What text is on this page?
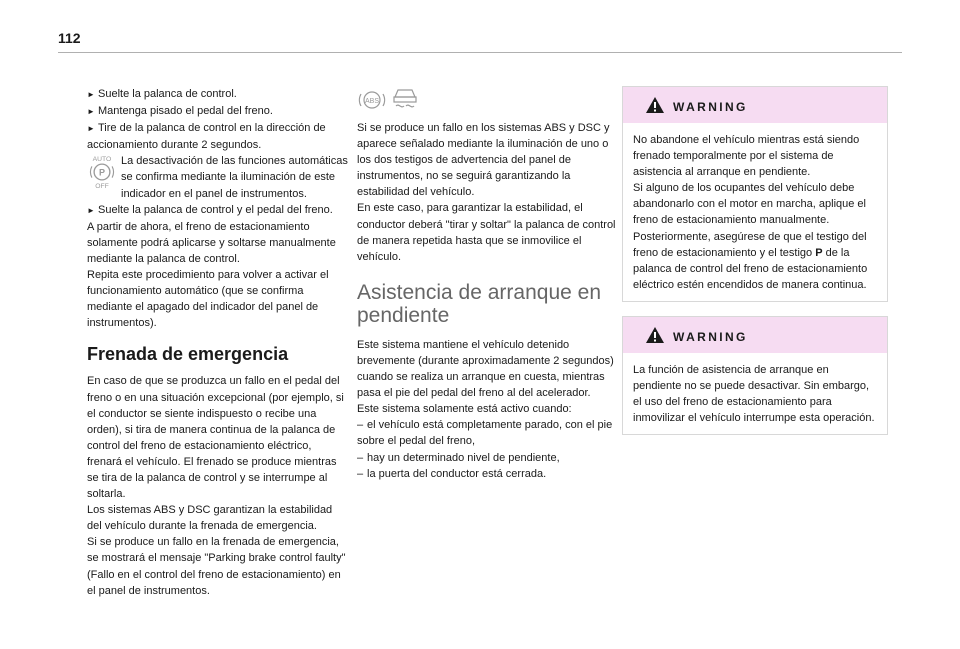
112

► Suelte la palanca de control.

► Mantenga pisado el pedal del freno.

► Tire de la palanca de control en la dirección de accionamiento durante 2 segundos.

AUTO
P
OFF
La desactivación de las funciones automáticas se confirma mediante la iluminación de este indicador en el panel de instrumentos.

► Suelte la palanca de control y el pedal del freno.

A partir de ahora, el freno de estacionamiento solamente podrá aplicarse y soltarse manualmente mediante la palanca de control.

Repita este procedimiento para volver a activar el funcionamiento automático (que se confirma mediante el apagado del indicador del panel de instrumentos).

Frenada de emergencia

En caso de que se produzca un fallo en el pedal del freno o en una situación excepcional (por ejemplo, si el conductor se siente indispuesto o recibe una orden), si tira de manera continua de la palanca de control del freno de estacionamiento eléctrico, frenará el vehículo. El frenado se produce mientras se tira de la palanca de control y se interrumpe al soltarla.

Los sistemas ABS y DSC garantizan la estabilidad del vehículo durante la frenada de emergencia.

Si se produce un fallo en la frenada de emergencia, se mostrará el mensaje "Parking brake control faulty" (Fallo en el control del freno de estacionamiento) en el panel de instrumentos.

ABS

Si se produce un fallo en los sistemas ABS y DSC y aparece señalado mediante la iluminación de uno o los dos testigos de advertencia del panel de instrumentos, no se seguirá garantizando la estabilidad del vehículo.

En este caso, para garantizar la estabilidad, el conductor deberá "tirar y soltar" la palanca de control de manera repetida hasta que se inmovilice el vehículo.

Asistencia de arranque en pendiente

Este sistema mantiene el vehículo detenido brevemente (durante aproximadamente 2 segundos) cuando se realiza un arranque en cuesta, mientras pasa el pie del pedal del freno al del acelerador.

Este sistema solamente está activo cuando:

– el vehículo está completamente parado, con el pie sobre el pedal del freno,

– hay un determinado nivel de pendiente,

– la puerta del conductor está cerrada.

WARNING

No abandone el vehículo mientras está siendo frenado temporalmente por el sistema de asistencia al arranque en pendiente.

Si alguno de los ocupantes del vehículo debe abandonarlo con el motor en marcha, aplique el freno de estacionamiento manualmente. Posteriormente, asegúrese de que el testigo del freno de estacionamiento y el testigo P de la palanca de control del freno de estacionamiento eléctrico estén encendidos de manera continua.

WARNING

La función de asistencia de arranque en pendiente no se puede desactivar. Sin embargo, el uso del freno de estacionamiento para inmovilizar el vehículo interrumpe esta operación.
